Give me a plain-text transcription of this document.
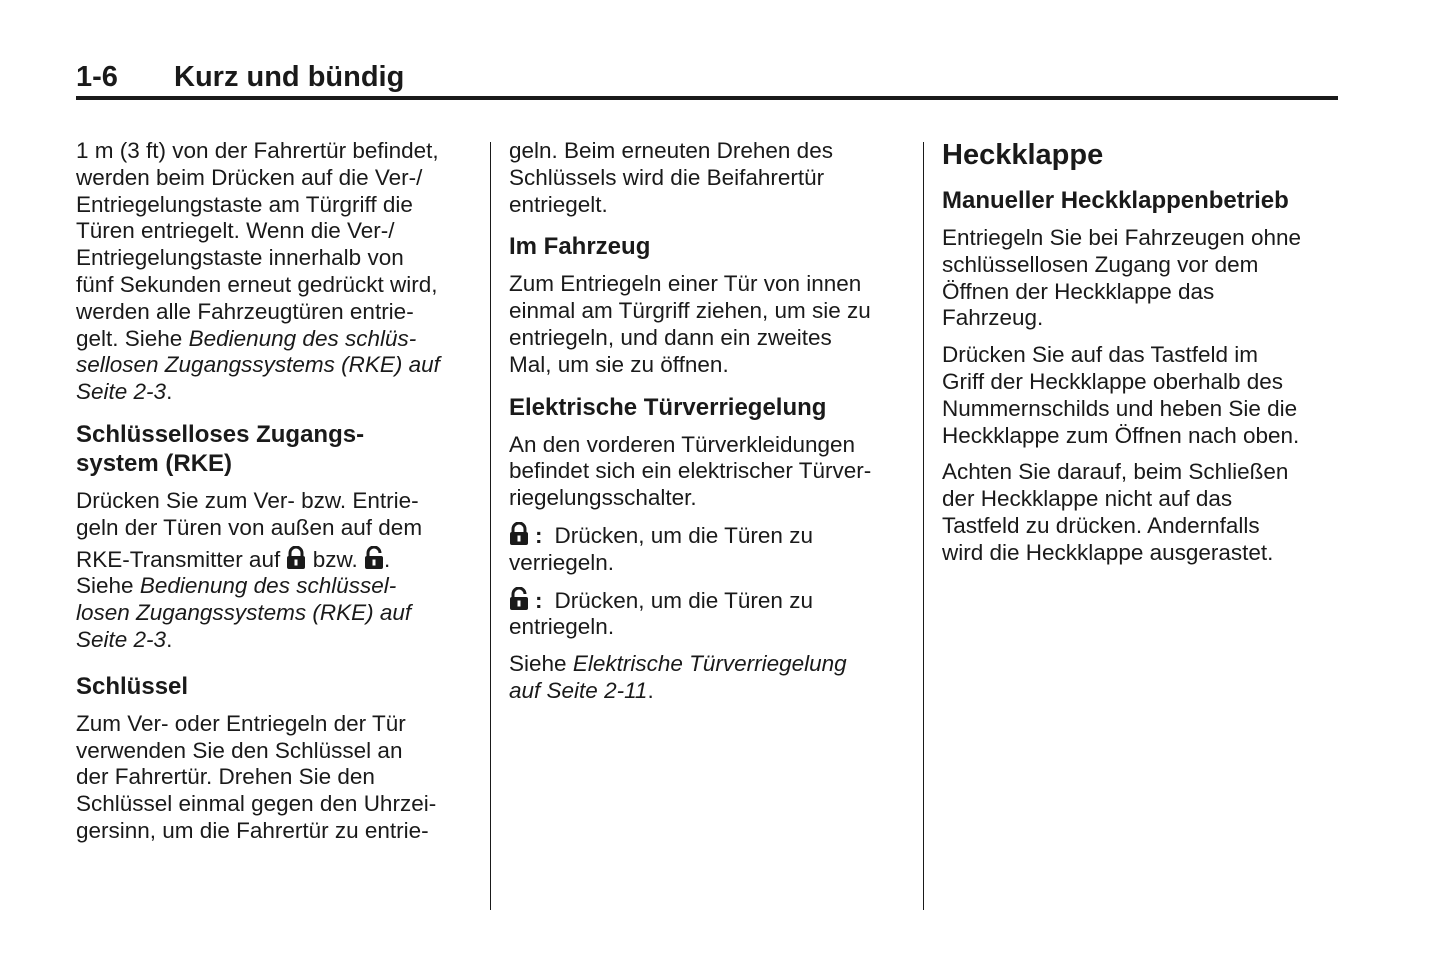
1-6 Kurz und bündig

1 m (3 ft) von der Fahrertür befindet,
werden beim Drücken auf die Ver-/
Entriegelungstaste am Türgriff die
Türen entriegelt. Wenn die Ver-/
Entriegelungstaste innerhalb von
fünf Sekunden erneut gedrückt wird,
werden alle Fahrzeugtüren entrie-
gelt. Siehe Bedienung des schlüs-
sellosen Zugangssystems (RKE) auf
Seite 2-3.

Schlüsselloses Zugangs-
system (RKE)

Drücken Sie zum Ver- bzw. Entrie-
geln der Türen von außen auf dem
RKE-Transmitter auf
bzw.
.
Siehe Bedienung des schlüssel-
losen Zugangssystems (RKE) auf
Seite 2-3.

Schlüssel

Zum Ver- oder Entriegeln der Tür
verwenden Sie den Schlüssel an
der Fahrertür. Drehen Sie den
Schlüssel einmal gegen den Uhrzei-
gersinn, um die Fahrertür zu entrie-

geln. Beim erneuten Drehen des
Schlüssels wird die Beifahrertür
entriegelt.

Im Fahrzeug

Zum Entriegeln einer Tür von innen
einmal am Türgriff ziehen, um sie zu
entriegeln, und dann ein zweites
Mal, um sie zu öffnen.

Elektrische Türverriegelung

An den vorderen Türverkleidungen
befindet sich ein elektrischer Türver-
riegelungsschalter.

: Drücken, um die Türen zu
verriegeln.

: Drücken, um die Türen zu
entriegeln.

Siehe Elektrische Türverriegelung
auf Seite 2-11.

Heckklappe
Manueller Heckklappenbetrieb

Entriegeln Sie bei Fahrzeugen ohne
schlüssellosen Zugang vor dem
Öffnen der Heckklappe das
Fahrzeug.

Drücken Sie auf das Tastfeld im
Griff der Heckklappe oberhalb des
Nummernschilds und heben Sie die
Heckklappe zum Öffnen nach oben.

Achten Sie darauf, beim Schließen
der Heckklappe nicht auf das
Tastfeld zu drücken. Andernfalls
wird die Heckklappe ausgerastet.
